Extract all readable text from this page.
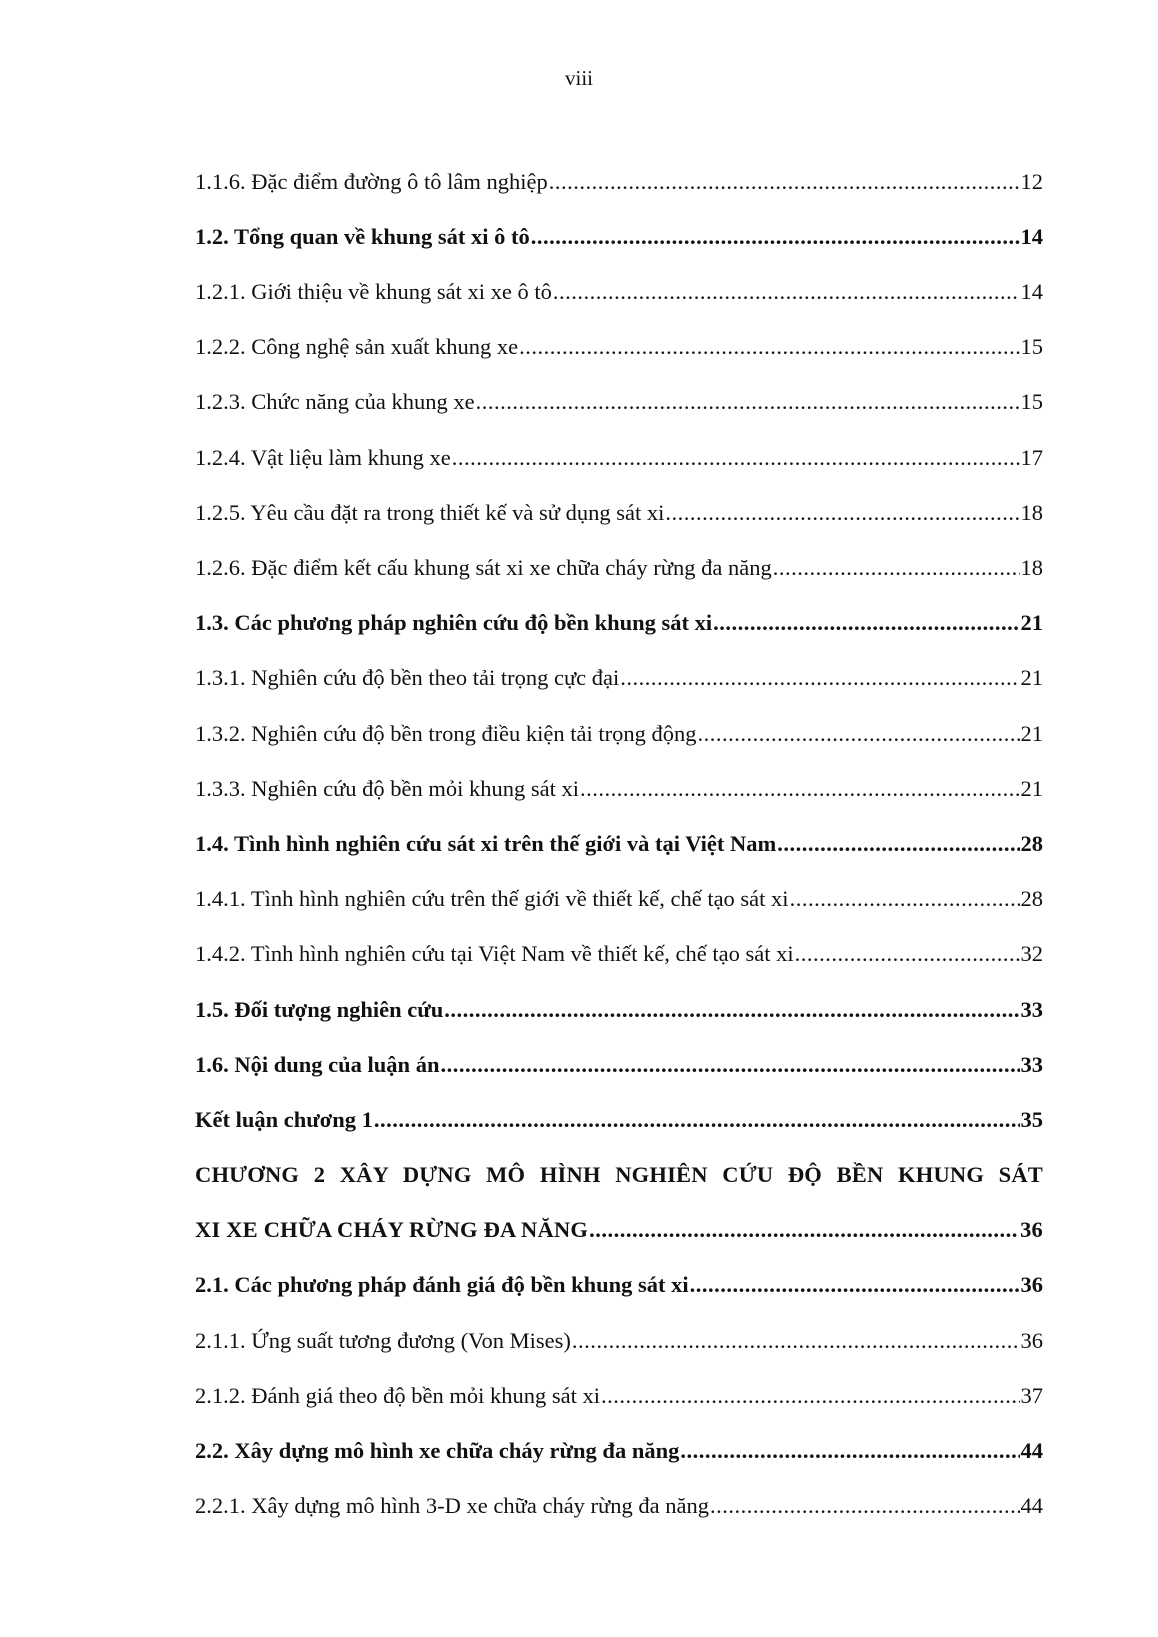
viii
1.1.6. Đặc điểm đường ô tô lâm nghiệp .....	12
1.2. Tổng quan về khung sát xi ô tô .....	14
1.2.1. Giới thiệu về khung sát xi xe ô tô .....	14
1.2.2. Công nghệ sản xuất khung xe .....	15
1.2.3. Chức năng của khung xe .....	15
1.2.4. Vật liệu làm khung xe .....	17
1.2.5. Yêu cầu đặt ra trong thiết kế và sử dụng sát xi .....	18
1.2.6. Đặc điểm kết cấu khung sát xi xe chữa cháy rừng đa năng .....	18
1.3. Các phương pháp nghiên cứu độ bền khung sát xi .....	21
1.3.1. Nghiên cứu độ bền theo tải trọng cực đại .....	21
1.3.2. Nghiên cứu độ bền trong điều kiện tải trọng động .....	21
1.3.3. Nghiên cứu độ bền mỏi khung sát xi .....	21
1.4. Tình hình nghiên cứu sát xi trên thế giới và tại Việt Nam .....	28
1.4.1. Tình hình nghiên cứu trên thế giới về thiết kế, chế tạo sát xi .....	28
1.4.2. Tình hình nghiên cứu tại Việt Nam về thiết kế, chế tạo sát xi .....	32
1.5. Đối tượng nghiên cứu .....	33
1.6. Nội dung của luận án .....	33
Kết luận chương 1 .....	35
CHƯƠNG 2 XÂY DỰNG MÔ HÌNH NGHIÊN CỨU ĐỘ BỀN KHUNG SÁT
XI XE CHỮA CHÁY RỪNG ĐA NĂNG .....	36
2.1. Các phương pháp đánh giá độ bền khung sát xi .....	36
2.1.1. Ứng suất tương đương (Von Mises) .....	36
2.1.2. Đánh giá theo độ bền mỏi khung sát xi .....	37
2.2. Xây dựng mô hình xe chữa cháy rừng đa năng .....	44
2.2.1. Xây dựng mô hình 3-D xe chữa cháy rừng đa năng .....	44
